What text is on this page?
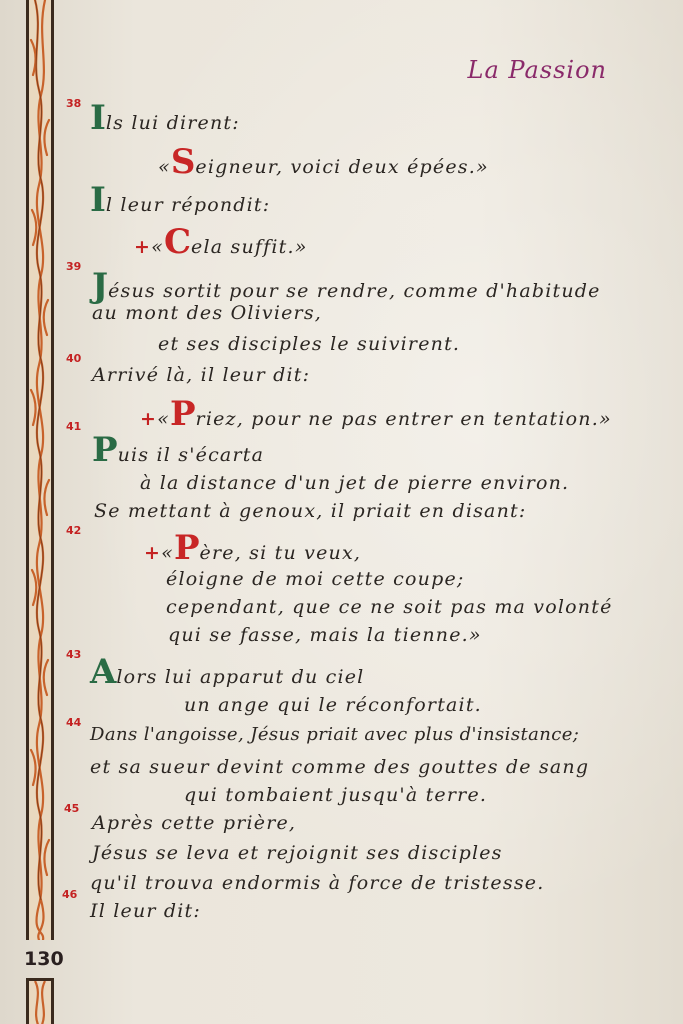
130
La Passion
38 Ils lui dirent:
«Seigneur, voici deux épées.»
Il leur répondit:
+«Cela suffit.»
39 Jésus sortit pour se rendre, comme d'habitude
au mont des Oliviers,
et ses disciples le suivirent.
40
Arrivé là, il leur dit:
+«Priez, pour ne pas entrer en tentation.»
41
Puis il s'écarta
à la distance d'un jet de pierre environ.
Se mettant à genoux, il priait en disant:
42
+«Père, si tu veux,
éloigne de moi cette coupe;
cependant, que ce ne soit pas ma volonté
qui se fasse, mais la tienne.»
43 Alors lui apparut du ciel
un ange qui le réconfortait.
44
Dans l'angoisse, Jésus priait avec plus d'insistance;
et sa sueur devint comme des gouttes de sang
qui tombaient jusqu'à terre.
45
Après cette prière,
Jésus se leva et rejoignit ses disciples
qu'il trouva endormis à force de tristesse.
46
Il leur dit:
